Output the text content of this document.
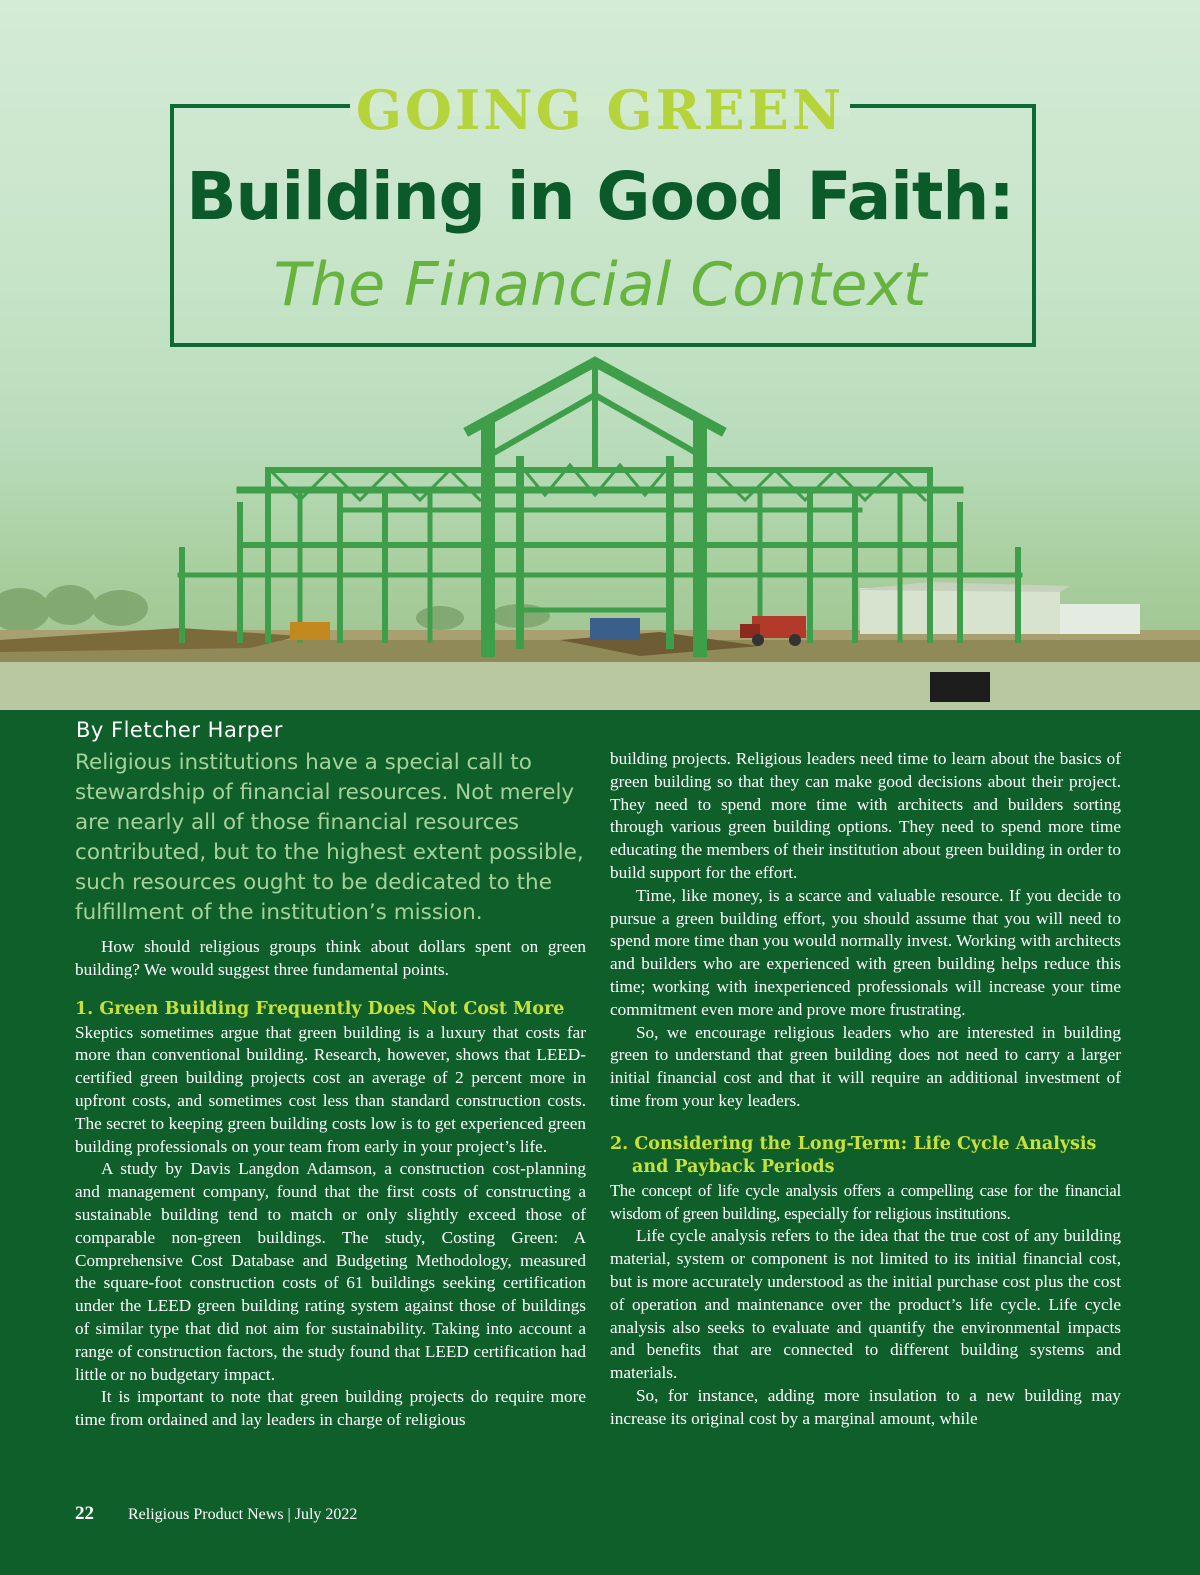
GOING GREEN
Building in Good Faith:
The Financial Context
By Fletcher Harper

Religious institutions have a special call to stewardship of financial resources. Not merely are nearly all of those financial resources contributed, but to the highest extent possible, such resources ought to be dedicated to the fulfillment of the institution’s mission.

How should religious groups think about dollars spent on green building? We would suggest three fundamental points.

1. Green Building Frequently Does Not Cost More

Skeptics sometimes argue that green building is a luxury that costs far more than conventional building. Research, however, shows that LEED-certified green building projects cost an average of 2 percent more in upfront costs, and sometimes cost less than standard construction costs. The secret to keeping green building costs low is to get experienced green building professionals on your team from early in your project’s life.

A study by Davis Langdon Adamson, a construction cost-planning and management company, found that the first costs of constructing a sustainable building tend to match or only slightly exceed those of comparable non-green buildings. The study, Costing Green: A Comprehensive Cost Database and Budgeting Methodology, measured the square-foot construction costs of 61 buildings seeking certification under the LEED green building rating system against those of buildings of similar type that did not aim for sustainability. Taking into account a range of construction factors, the study found that LEED certification had little or no budgetary impact.

It is important to note that green building projects do require more time from ordained and lay leaders in charge of religious

building projects. Religious leaders need time to learn about the basics of green building so that they can make good decisions about their project. They need to spend more time with architects and builders sorting through various green building options. They need to spend more time educating the members of their institution about green building in order to build support for the effort.

Time, like money, is a scarce and valuable resource. If you decide to pursue a green building effort, you should assume that you will need to spend more time than you would normally invest. Working with architects and builders who are experienced with green building helps reduce this time; working with inexperienced professionals will increase your time commitment even more and prove more frustrating.

So, we encourage religious leaders who are interested in building green to understand that green building does not need to carry a larger initial financial cost and that it will require an additional investment of time from your key leaders.

2. Considering the Long-Term: Life Cycle Analysis
and Payback Periods

The concept of life cycle analysis offers a compelling case for the financial wisdom of green building, especially for religious institutions.

Life cycle analysis refers to the idea that the true cost of any building material, system or component is not limited to its initial financial cost, but is more accurately understood as the initial purchase cost plus the cost of operation and maintenance over the product’s life cycle. Life cycle analysis also seeks to evaluate and quantify the environmental impacts and benefits that are connected to different building systems and materials.

So, for instance, adding more insulation to a new building may increase its original cost by a marginal amount, while

22 Religious Product News | July 2022
